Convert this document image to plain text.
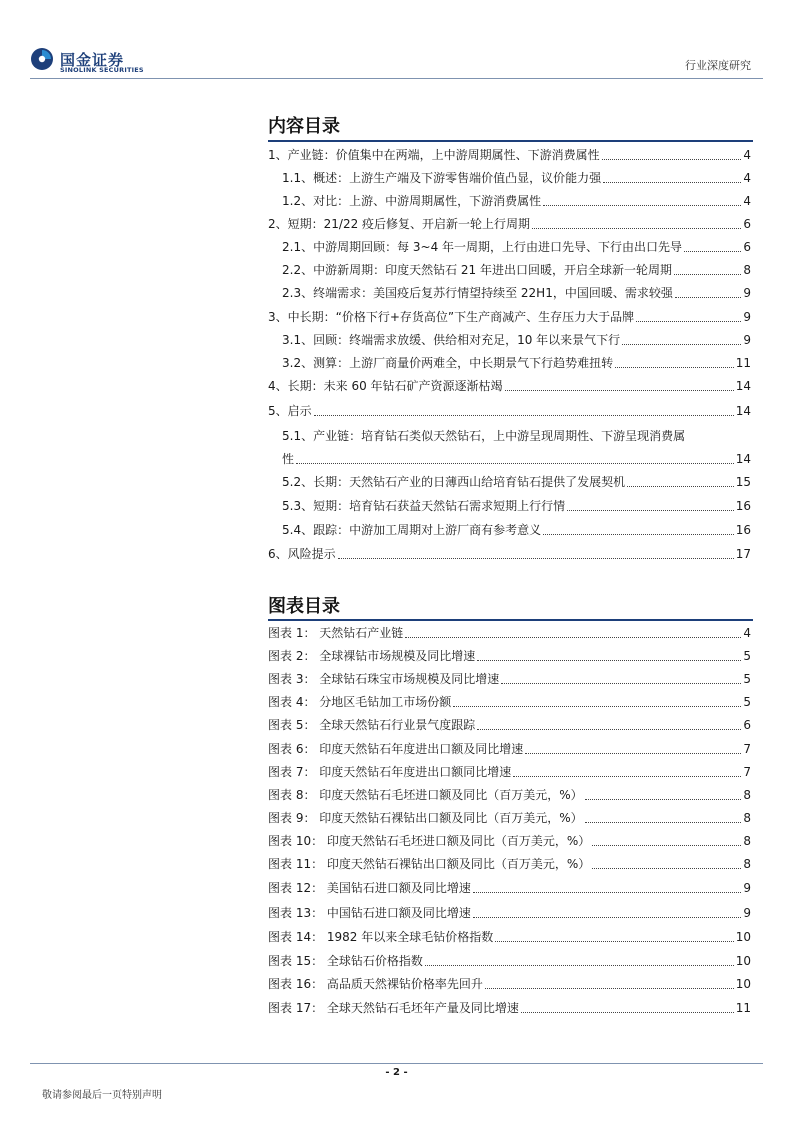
国金证券
SINOLINK SECURITIES	行业深度研究
内容目录
1、产业链：价值集中在两端，上中游周期属性、下游消费属性	4
1.1、概述：上游生产端及下游零售端价值凸显，议价能力强	4
1.2、对比：上游、中游周期属性，下游消费属性	4
2、短期：21/22 疫后修复、开启新一轮上行周期	6
2.1、中游周期回顾：每 3~4 年一周期，上行由进口先导、下行由出口先导	6
2.2、中游新周期：印度天然钻石 21 年进出口回暖，开启全球新一轮周期	8
2.3、终端需求：美国疫后复苏行情望持续至 22H1，中国回暖、需求较强	9
3、中长期：“价格下行+存货高位”下生产商减产、生存压力大于品牌	9
3.1、回顾：终端需求放缓、供给相对充足，10 年以来景气下行	9
3.2、测算：上游厂商量价两难全，中长期景气下行趋势难扭转	11
4、长期：未来 60 年钻石矿产资源逐渐枯竭	14
5、启示	14
5.1、产业链：培育钻石类似天然钻石，上中游呈现周期性、下游呈现消费属
性	14
5.2、长期：天然钻石产业的日薄西山给培育钻石提供了发展契机	15
5.3、短期：培育钻石获益天然钻石需求短期上行行情	16
5.4、跟踪：中游加工周期对上游厂商有参考意义	16
6、风险提示	17
图表目录
图表 1： 天然钻石产业链	4
图表 2： 全球裸钻市场规模及同比增速	5
图表 3： 全球钻石珠宝市场规模及同比增速	5
图表 4： 分地区毛钻加工市场份额	5
图表 5： 全球天然钻石行业景气度跟踪	6
图表 6： 印度天然钻石年度进出口额及同比增速	7
图表 7： 印度天然钻石年度进出口额同比增速	7
图表 8： 印度天然钻石毛坯进口额及同比（百万美元，%）	8
图表 9： 印度天然钻石裸钻出口额及同比（百万美元，%）	8
图表 10： 印度天然钻石毛坯进口额及同比（百万美元，%）	8
图表 11： 印度天然钻石裸钻出口额及同比（百万美元，%）	8
图表 12： 美国钻石进口额及同比增速	9
图表 13： 中国钻石进口额及同比增速	9
图表 14： 1982 年以来全球毛钻价格指数	10
图表 15： 全球钻石价格指数	10
图表 16： 高品质天然裸钻价格率先回升	10
图表 17： 全球天然钻石毛坯年产量及同比增速	11
- 2 -
敬请参阅最后一页特别声明
